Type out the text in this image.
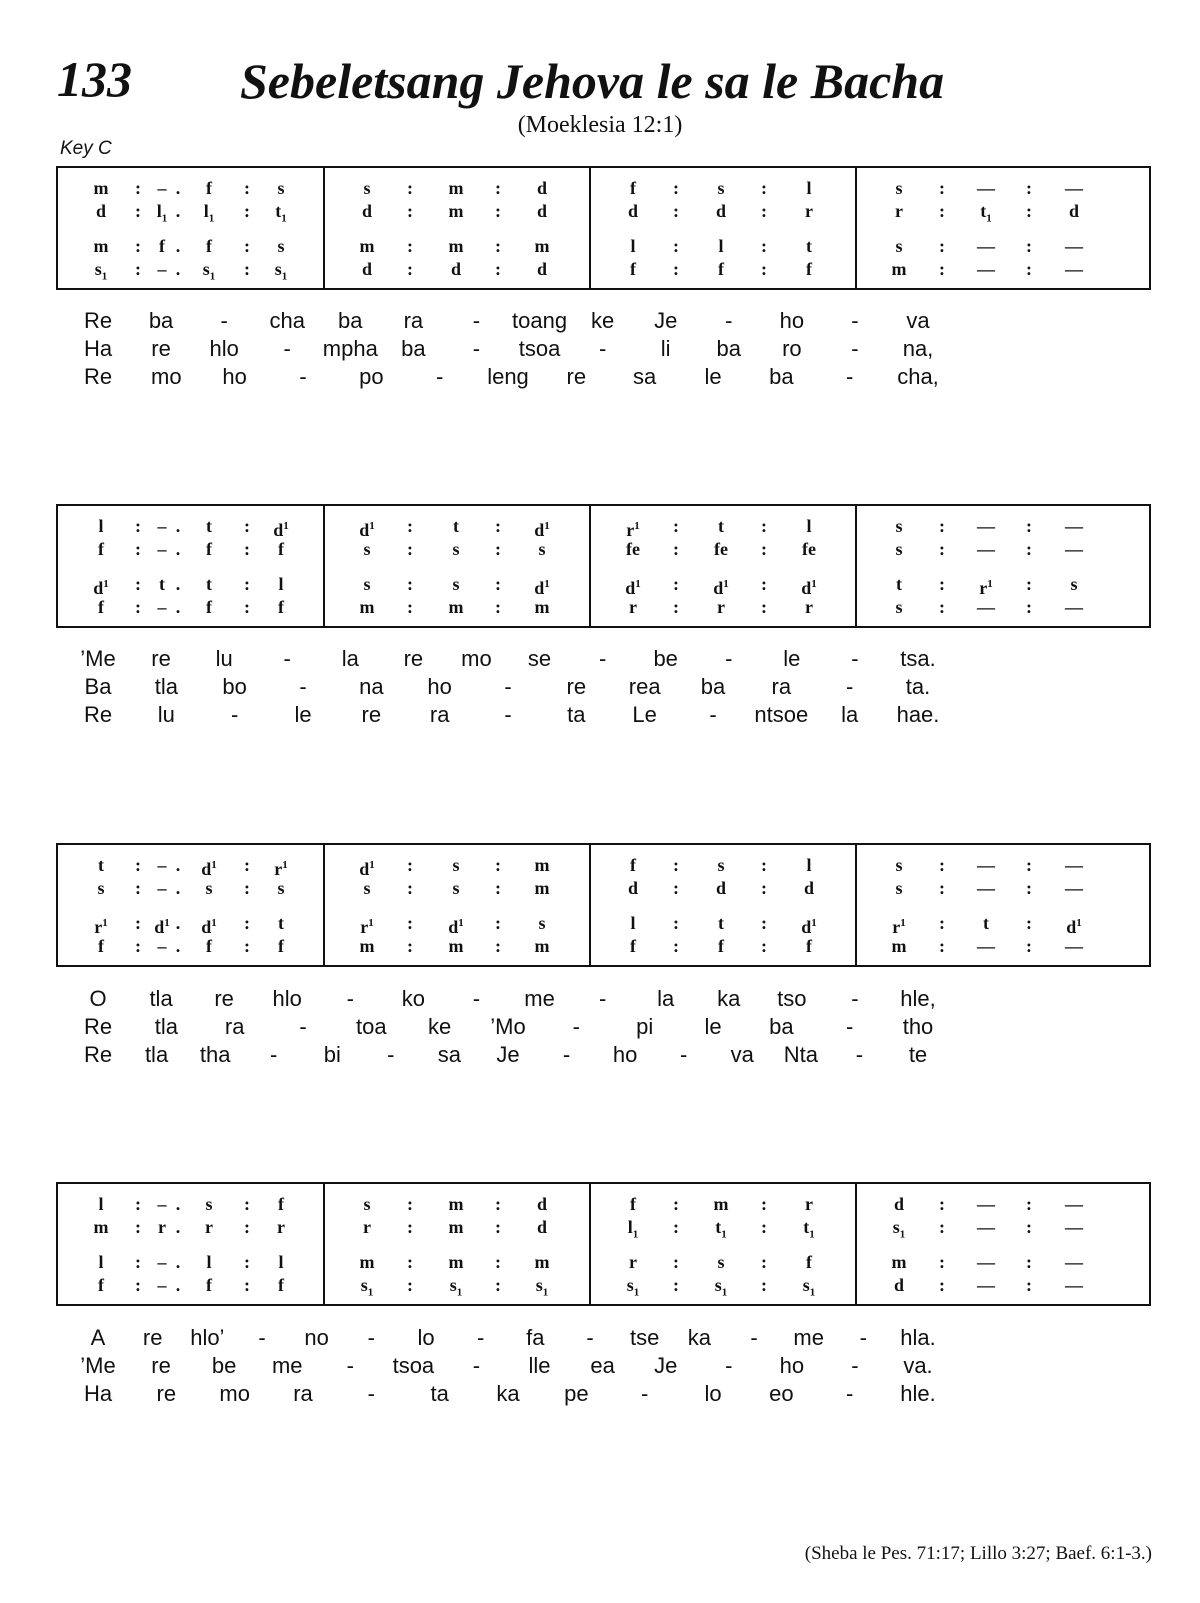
133 Sebeletsang Jehova le sa le Bacha
(Moeklesia 12:1)
Key C
m	: – .	f	:	s	s	:	m	:	d	f	:	s	:	l	s	:	—	:	—
d	: $l_1$ .	$l_1$	:	$t_1$	d	:	m	:	d	d	:	d	:	r	r	:	$t_1$	:	d
m	:	f .	f	:	s	m	:	m	:	m	l	:	l	:	t	s	:	—	:	—
$s_1$	: – .	$s_1$	:	$s_1$	d	:	d	:	d	f	:	f	:	f	m	:	—	:	—
Re ba - cha ba ra - toang ke Je - ho - va
Ha re hlo - mpha ba - tsoa - li ba ro - na,
Re mo ho - po - leng re sa le ba - cha,
l	: – .	t	:	$d^1$	$d^1$	:	t	:	$d^1$	$r^1$	:	t	:	l	s	:	—	:	—
f	: – .	f	:	f	s	:	s	:	s	fe	:	fe	:	fe	s	:	—	:	—
$d^1$	:	t .	t	:	l	s	:	s	:	$d^1$	$d^1$	:	$d^1$	:	$d^1$	t	:	$r^1$	:	s
f	: – .	f	:	f	m	:	m	:	m	r	:	r	:	r	s	:	—	:	—
’Me re lu - la re mo se - be - le - tsa.
Ba tla bo - na ho - re rea ba ra - ta.
Re lu	-	le re ra -	ta Le - ntsoe la hae.
t	: – .	$d^1$	:	$r^1$	$d^1$	:	s	:	m	f	:	s	:	l	s	:	—	:	—
s	: – .	s	:	s	s	:	s	:	m	d	:	d	:	d	s	:	—	:	—
$r^1$	: $d^1$ .	$d^1$	:	t	$r^1$	:	$d^1$	:	s	l	:	t	:	$d^1$	$r^1$	:	t	:	$d^1$
f	: – .	f	:	f	m	:	m	:	m	f	:	f	:	f	m	:	—	:	—
O tla re hlo - ko - me - la ka tso - hle,
Re tla ra - toa ke ’Mo -	pi le ba - tho
Re tla tha - bi - sa Je - ho - va Nta - te
l	: – .	s	:	f	s	:	m	:	d	f	:	m	:	r	d	:	—	:	—
m	: r .	r	:	r	r	:	m	:	d	$l_1$	:	$t_1$	:	$t_1$	$s_1$	:	—	:	—
l	: – .	l	:	l	m	:	m	:	m	r	:	s	:	f	m	:	—	:	—
f	: – .	f	:	f	$s_1$	:	$s_1$	:	$s_1$	$s_1$	:	$s_1$	:	$s_1$	d	:	—	:	—
A re hlo’ - no - lo - fa - tse ka - me - hla.
’Me re be me - tsoa - lle ea Je - ho - va.
Ha re mo ra -	ta ka pe -	lo eo - hle.
(Sheba le Pes. 71:17; Lillo 3:27; Baef. 6:1-3.)
